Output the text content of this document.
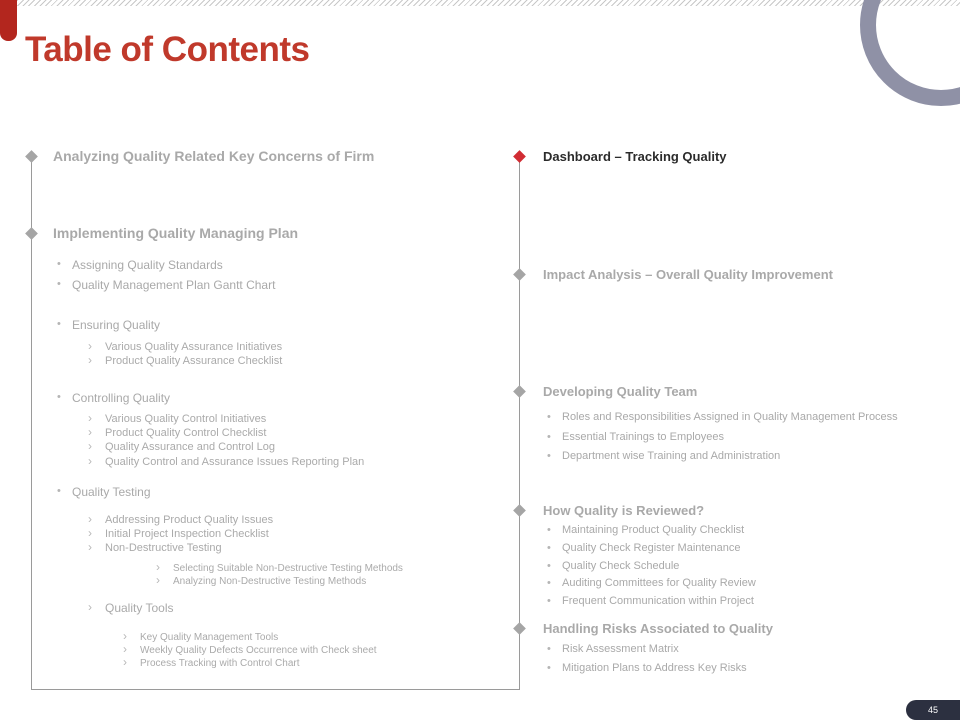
Table of Contents
Analyzing Quality Related Key Concerns of Firm
Implementing Quality Managing Plan
• Assigning Quality Standards
• Quality Management Plan Gantt Chart
• Ensuring Quality
› Various Quality Assurance Initiatives
› Product Quality Assurance Checklist
• Controlling Quality
› Various Quality Control Initiatives
› Product Quality Control Checklist
› Quality Assurance and Control Log
› Quality Control and Assurance Issues Reporting Plan
• Quality Testing
› Addressing Product Quality Issues
› Initial Project Inspection Checklist
› Non-Destructive Testing
› Selecting Suitable Non-Destructive Testing Methods
› Analyzing Non-Destructive Testing Methods
› Quality Tools
› Key Quality Management Tools
› Weekly Quality Defects Occurrence with Check sheet
› Process Tracking with Control Chart
Dashboard – Tracking Quality
Impact Analysis – Overall Quality Improvement
Developing Quality Team
• Roles and Responsibilities Assigned in Quality Management Process
• Essential Trainings to Employees
• Department wise Training and Administration
How Quality is Reviewed?
• Maintaining Product Quality Checklist
• Quality Check Register Maintenance
• Quality Check Schedule
• Auditing Committees for Quality Review
• Frequent Communication within Project
Handling Risks Associated to Quality
• Risk Assessment Matrix
• Mitigation Plans to Address Key Risks
45
